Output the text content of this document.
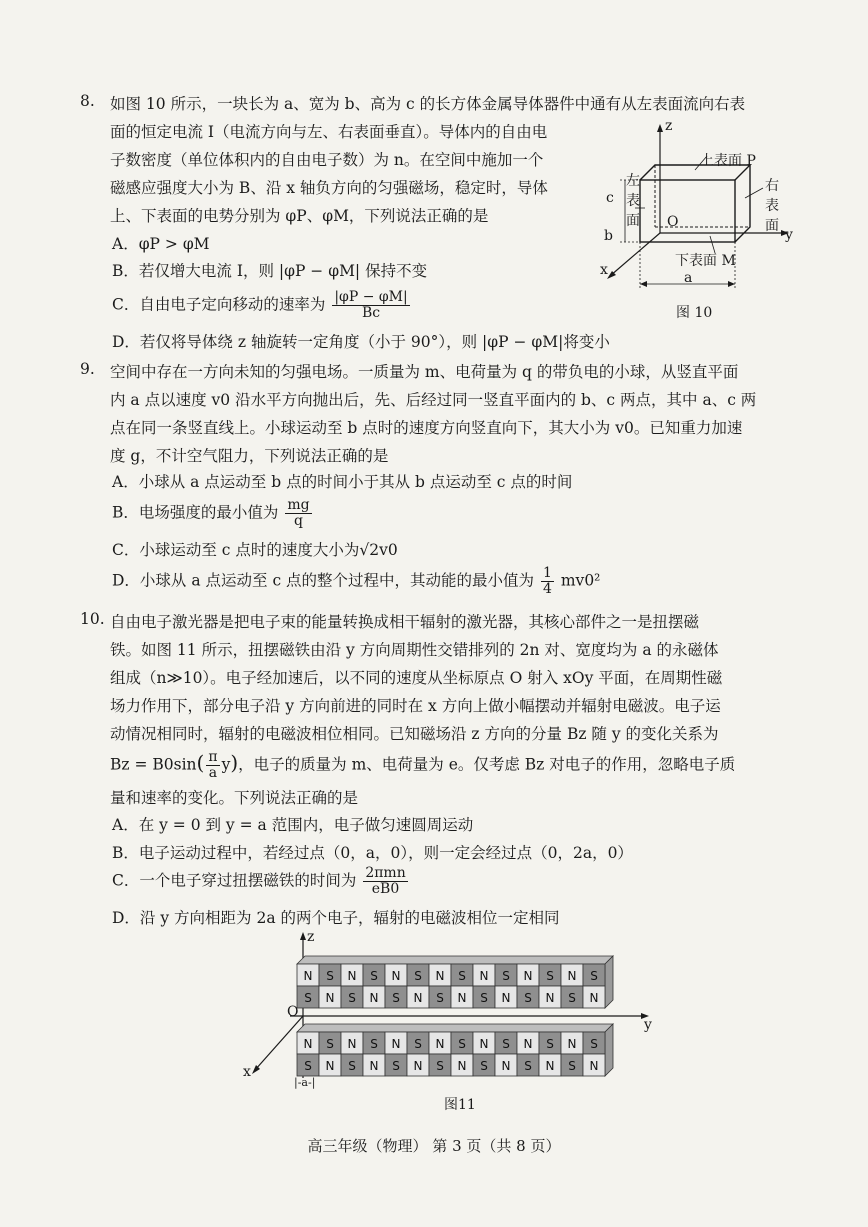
8. 如图 10 所示，一块长为 a、宽为 b、高为 c 的长方体金属导体器件中通有从左表面流向右表
面的恒定电流 I（电流方向与左、右表面垂直）。导体内的自由电
子数密度（单位体积内的自由电子数）为 n。在空间中施加一个
磁感应强度大小为 B、沿 x 轴负方向的匀强磁场，稳定时，导体
上、下表面的电势分别为 φP、φM，下列说法正确的是
A．φP > φM
B．若仅增大电流 I，则 |φP − φM| 保持不变
C．自由电子定向移动的速率为 $\frac{|\varphi P - \varphi M|}{Bc}$
D．若仅将导体绕 z 轴旋转一定角度（小于 90°），则 |φP − φM|将变小
z
y
x
O
上表面 P
下表面 M
左
表
面
右
表
面
c
b
a
图 10
9. 空间中存在一方向未知的匀强电场。一质量为 m、电荷量为 q 的带负电的小球，从竖直平面
内 a 点以速度 v0 沿水平方向抛出后，先、后经过同一竖直平面内的 b、c 两点，其中 a、c 两
点在同一条竖直线上。小球运动至 b 点时的速度方向竖直向下，其大小为 v0。已知重力加速
度 g，不计空气阻力，下列说法正确的是
A．小球从 a 点运动至 b 点的时间小于其从 b 点运动至 c 点的时间
B．电场强度的最小值为 $\frac{mg}{q}$
C．小球运动至 c 点时的速度大小为√2v0
D．小球从 a 点运动至 c 点的整个过程中，其动能的最小值为 $\frac{1}{4} mv0^2$
10. 自由电子激光器是把电子束的能量转换成相干辐射的激光器，其核心部件之一是扭摆磁
铁。如图 11 所示，扭摆磁铁由沿 y 方向周期性交错排列的 2n 对、宽度均为 a 的永磁体
组成（n≫10）。电子经加速后，以不同的速度从坐标原点 O 射入 xOy 平面，在周期性磁
场力作用下，部分电子沿 y 方向前进的同时在 x 方向上做小幅摆动并辐射电磁波。电子运
动情况相同时，辐射的电磁波相位相同。已知磁场沿 z 方向的分量 Bz 随 y 的变化关系为
$Bz = B0\sin( \frac{\pi}{a} y)$，电子的质量为 m、电荷量为 e。仅考虑 Bz 对电子的作用，忽略电子质
量和速率的变化。下列说法正确的是
A．在 y = 0 到 y = a 范围内，电子做匀速圆周运动
B．电子运动过程中，若经过点（0，a，0），则一定会经过点（0，2a，0）
C．一个电子穿过扭摆磁铁的时间为 $\frac{\text{2πmn}}{eB0}$
D．沿 y 方向相距为 2a 的两个电子，辐射的电磁波相位一定相同
N S N S N S N S N S N S N S
S N S N S N S N S N S N S N
N S N S N S N S N S N S N S
S N S N S N S N S N S N S N
z
y
x
O
|-a-|
图11
高三年级（物理） 第 3 页（共 8 页）
